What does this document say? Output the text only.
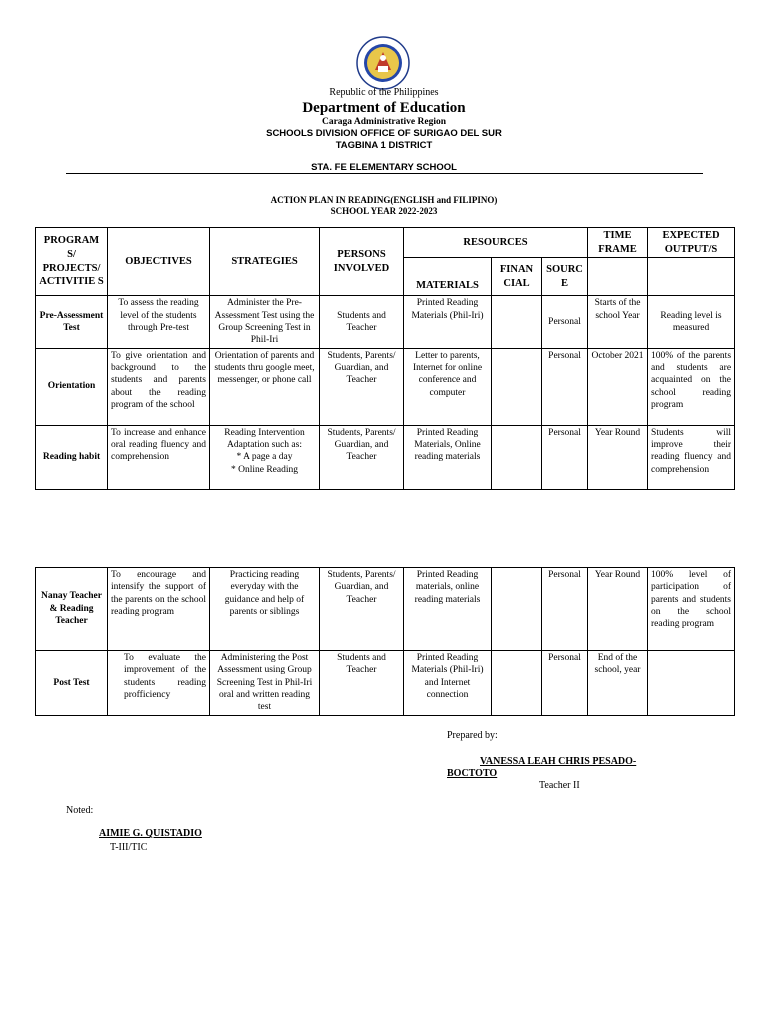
Republic of the Philippines
Department of Education
Caraga Administrative Region
SCHOOLS DIVISION OFFICE OF SURIGAO DEL SUR
TAGBINA 1 DISTRICT
STA. FE ELEMENTARY SCHOOL
ACTION PLAN IN READING(ENGLISH and FILIPINO)
SCHOOL YEAR 2022-2023
PROGRAM S/ PROJECTS/ ACTIVITIE S	OBJECTIVES	STRATEGIES	PERSONS INVOLVED	RESOURCES			TIME FRAME	EXPECTED OUTPUT/S
				MATERIALS	FINAN CIAL	SOURC E		
Pre-Assessment Test	To assess the reading level of the students through Pre-test	Administer the Pre-Assessment Test using the Group Screening Test in Phil-Iri	Students and Teacher	Printed Reading Materials (Phil-Iri)		Personal	Starts of the school Year	Reading level is measured
Orientation	To give orientation and background to the students and parents about the reading program of the school	Orientation of parents and students thru google meet, messenger, or phone call	Students, Parents/ Guardian, and Teacher	Letter to parents, Internet for online conference and computer		Personal	October 2021	100% of the parents and students are acquainted on the school reading program
Reading habit	To increase and enhance oral reading fluency and comprehension	Reading Intervention Adaptation such as:
* A page a day
* Online Reading	Students, Parents/ Guardian, and Teacher	Printed Reading Materials, Online reading materials		Personal	Year Round	Students will improve their reading fluency and comprehension
Nanay Teacher & Reading Teacher	To encourage and intensify the support of the parents on the school reading program	Practicing reading everyday with the guidance and help of parents or siblings	Students, Parents/ Guardian, and Teacher	Printed Reading materials, online reading materials		Personal	Year Round	100% level of participation of parents and students on the school reading program
Post Test	To evaluate the improvement of the students reading profficiency	Administering the Post Assessment using Group Screening Test in Phil-Iri oral and written reading test	Students and Teacher	Printed Reading Materials (Phil-Iri) and Internet connection		Personal	End of the school, year	
Prepared by:
VANESSA LEAH CHRIS PESADO-
BOCTOTO
Teacher II
Noted:
AIMIE G. QUISTADIO
T-III/TIC
